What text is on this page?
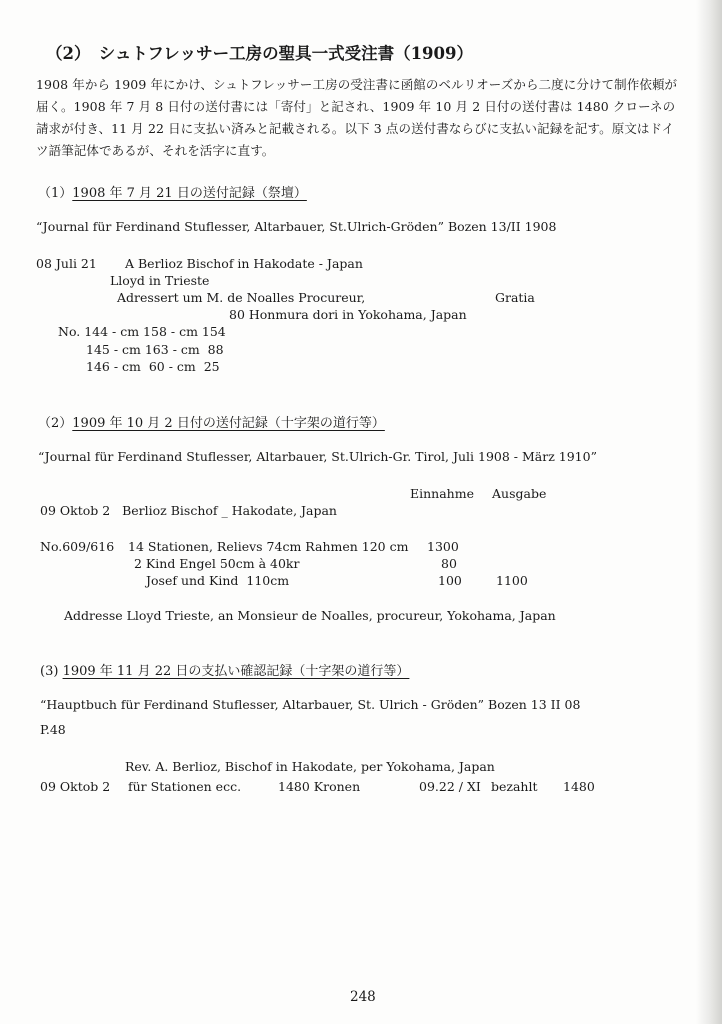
（2）　シュトフレッサー工房の聖具一式受注書（1909）

1908 年から 1909 年にかけ、シュトフレッサー工房の受注書に函館のベルリオーズから二度に分けて制作依頼が届く。1908 年 7 月 8 日付の送付書には「寄付」と記され、1909 年 10 月 2 日付の送付書は 1480 クローネの請求が付き、11 月 22 日に支払い済みと記載される。以下 3 点の送付書ならびに支払い記録を記す。原文はドイツ語筆記体であるが、それを活字に直す。

（1）1908 年 7 月 21 日の送付記録（祭壇）
“Journal für Ferdinand Stuflesser, Altarbauer, St.Ulrich-Gröden” Bozen 13/II 1908
08 Juli 21 A Berlioz Bischof in Hakodate - Japan
Lloyd in Trieste
Adressert um M. de Noalles Procureur,	Gratia
80 Honmura dori in Yokohama, Japan
No. 144 - cm 158 - cm 154
145 - cm 163 - cm  88
146 - cm  60 - cm  25
（2）1909 年 10 月 2 日付の送付記録（十字架の道行等）
“Journal für Ferdinand Stuflesser, Altarbauer, St.Ulrich-Gr. Tirol, Juli 1908 - März 1910”
Einnahme Ausgabe
09 Oktob 2   Berlioz Bischof _ Hakodate, Japan
No.609/616 14 Stationen, Relievs 74cm Rahmen 120 cm 1300
2 Kind Engel 50cm à 40kr	80
Josef und Kind  110cm	100	1100
Addresse Lloyd Trieste, an Monsieur de Noalles, procureur, Yokohama, Japan
(3) 1909 年 11 月 22 日の支払い確認記録（十字架の道行等）
“Hauptbuch für Ferdinand Stuflesser, Altarbauer, St. Ulrich - Gröden” Bozen 13 II 08
P.48
Rev. A. Berlioz, Bischof in Hakodate, per Yokohama, Japan
09 Oktob 2 für Stationen ecc.	1480 Kronen	09.22 / XI bezahlt 1480
248
